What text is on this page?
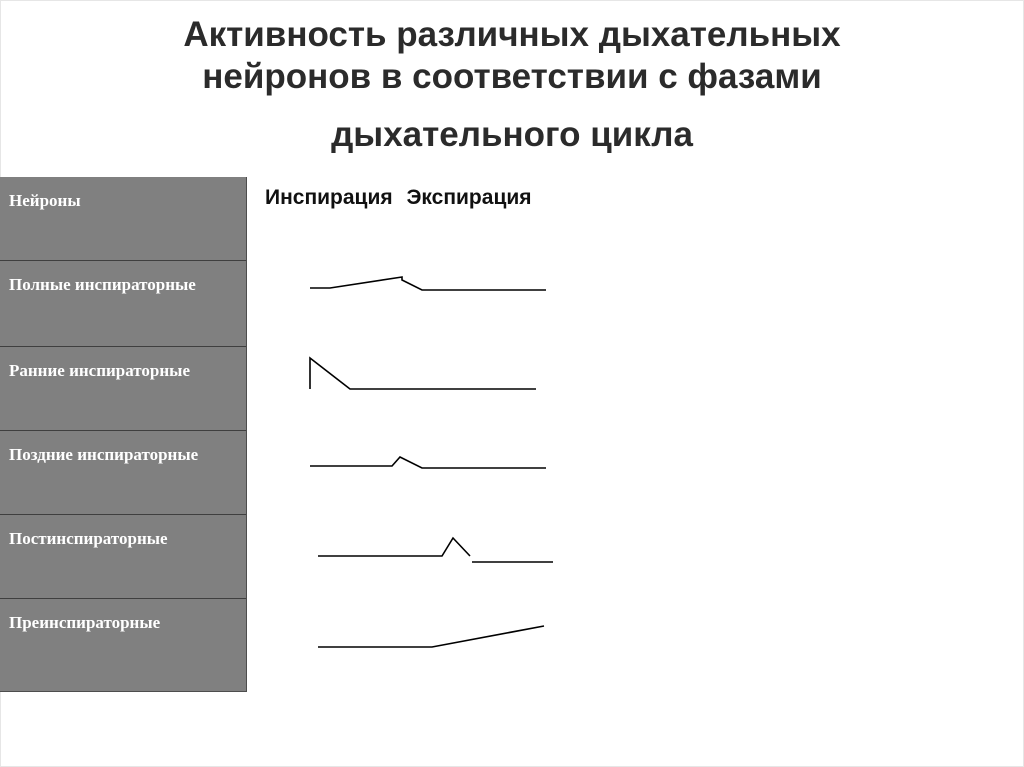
Активность различных дыхательных
нейронов в соответствии с фазами
дыхательного цикла
Нейроны
Полные инспираторные
Ранние инспираторные
Поздние инспираторные
Постинспираторные
Преинспираторные
Инспирация Экспирация
